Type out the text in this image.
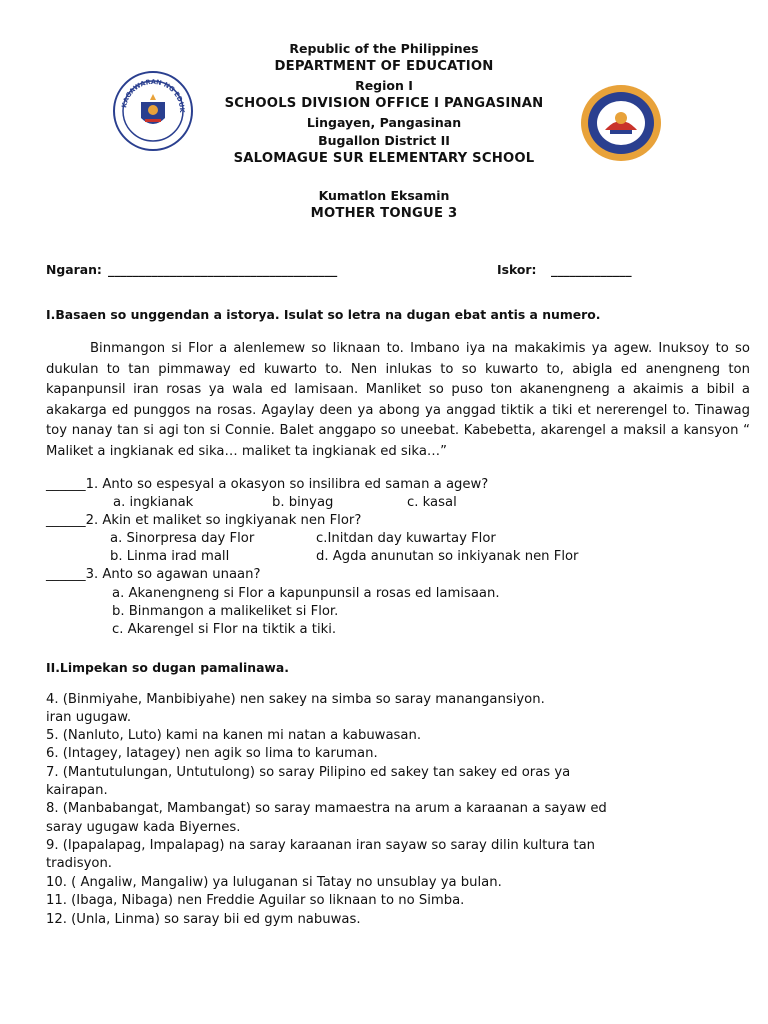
KAGAWARAN NG EDUK
Republic of the Philippines
DEPARTMENT OF EDUCATION
Region I
SCHOOLS DIVISION OFFICE I PANGASINAN
Lingayen, Pangasinan
Bugallon District II
SALOMAGUE SUR ELEMENTARY SCHOOL
Kumatlon Eksamin
MOTHER TONGUE 3
Ngaran: _____________________________________	Iskor: _____________
I.Basaen so unggendan a istorya. Isulat so letra na dugan ebat antis a numero.
Binmangon si Flor a alenlemew so liknaan to. Imbano iya na makakimis ya agew. Inuksoy to so dukulan to tan pimmaway ed kuwarto to. Nen inlukas to so kuwarto to, abigla ed anengneng ton kapanpunsil iran rosas ya wala ed lamisaan. Manliket so puso ton akanengneng a akaimis a bibil a akakarga ed punggos na rosas. Agaylay deen ya abong ya anggad tiktik a tiki et nererengel to. Tinawag toy nanay tan si agi ton si Connie. Balet anggapo so uneebat. Kabebetta, akarengel a maksil a kansyon “ Maliket a ingkianak ed sika… maliket ta ingkianak ed sika…”
______1. Anto so espesyal a okasyon so insilibra ed saman a agew?
a. ingkianak	b. binyag	c. kasal
______2. Akin et maliket so ingkiyanak nen Flor?
a. Sinorpresa day Flor	c.Initdan day kuwartay Flor
b. Linma irad mall	d. Agda anunutan so inkiyanak nen Flor
______3. Anto so agawan unaan?
a. Akanengneng si Flor a kapunpunsil a rosas ed lamisaan.
b. Binmangon a malikeliket si Flor.
c. Akarengel si Flor na tiktik a tiki.
II.Limpekan so dugan pamalinawa.
4. (Binmiyahe, Manbibiyahe) nen sakey na simba so saray manangansiyon.
iran ugugaw.
5. (Nanluto, Luto) kami na kanen mi natan a kabuwasan.
6. (Intagey, Iatagey) nen agik so lima to karuman.
7. (Mantutulungan, Untutulong) so saray Pilipino ed sakey tan sakey ed oras ya
kairapan.
8. (Manbabangat, Mambangat) so saray mamaestra na arum a karaanan a sayaw ed
saray ugugaw kada Biyernes.
9. (Ipapalapag, Impalapag) na saray karaanan iran sayaw so saray dilin kultura tan
tradisyon.
10. ( Angaliw, Mangaliw) ya luluganan si Tatay no unsublay ya bulan.
11. (Ibaga, Nibaga) nen Freddie Aguilar so liknaan to no Simba.
12. (Unla, Linma) so saray bii ed gym nabuwas.
